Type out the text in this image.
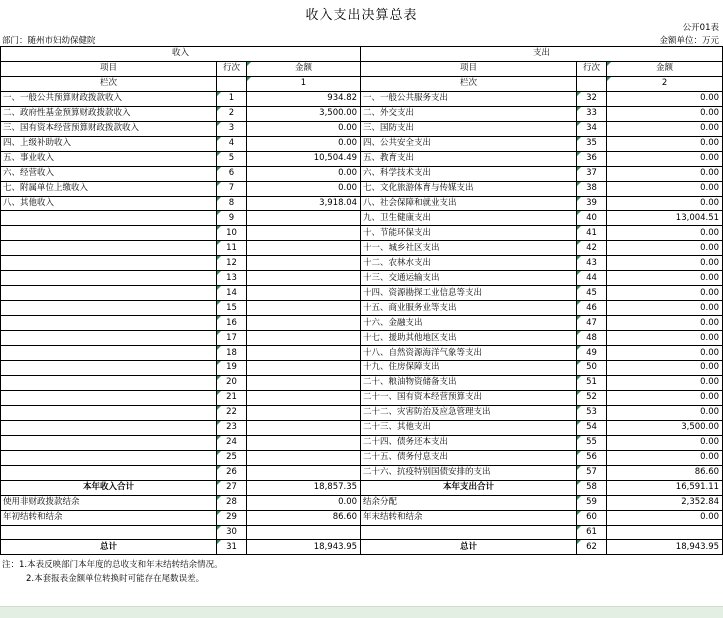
收入支出决算总表
公开01表
部门：随州市妇幼保健院	金额单位：万元
收入			支出		
项目	行次	金额	项目	行次	金额
栏次		1	栏次		2
一、一般公共预算财政拨款收入	1	934.82	一、一般公共服务支出	32	0.00
二、政府性基金预算财政拨款收入	2	3,500.00	二、外交支出	33	0.00
三、国有资本经营预算财政拨款收入	3	0.00	三、国防支出	34	0.00
四、上级补助收入	4	0.00	四、公共安全支出	35	0.00
五、事业收入	5	10,504.49	五、教育支出	36	0.00
六、经营收入	6	0.00	六、科学技术支出	37	0.00
七、附属单位上缴收入	7	0.00	七、文化旅游体育与传媒支出	38	0.00
八、其他收入	8	3,918.04	八、社会保障和就业支出	39	0.00
	9		九、卫生健康支出	40	13,004.51
	10		十、节能环保支出	41	0.00
	11		十一、城乡社区支出	42	0.00
	12		十二、农林水支出	43	0.00
	13		十三、交通运输支出	44	0.00
	14		十四、资源勘探工业信息等支出	45	0.00
	15		十五、商业服务业等支出	46	0.00
	16		十六、金融支出	47	0.00
	17		十七、援助其他地区支出	48	0.00
	18		十八、自然资源海洋气象等支出	49	0.00
	19		十九、住房保障支出	50	0.00
	20		二十、粮油物资储备支出	51	0.00
	21		二十一、国有资本经营预算支出	52	0.00
	22		二十二、灾害防治及应急管理支出	53	0.00
	23		二十三、其他支出	54	3,500.00
	24		二十四、债务还本支出	55	0.00
	25		二十五、债务付息支出	56	0.00
	26		二十六、抗疫特别国债安排的支出	57	86.60
本年收入合计	27	18,857.35	本年支出合计	58	16,591.11
使用非财政拨款结余	28	0.00	结余分配	59	2,352.84
年初结转和结余	29	86.60	年末结转和结余	60	0.00
	30			61	
总计	31	18,943.95	总计	62	18,943.95
注：1.本表反映部门本年度的总收支和年末结转结余情况。
2.本套报表金额单位转换时可能存在尾数误差。
